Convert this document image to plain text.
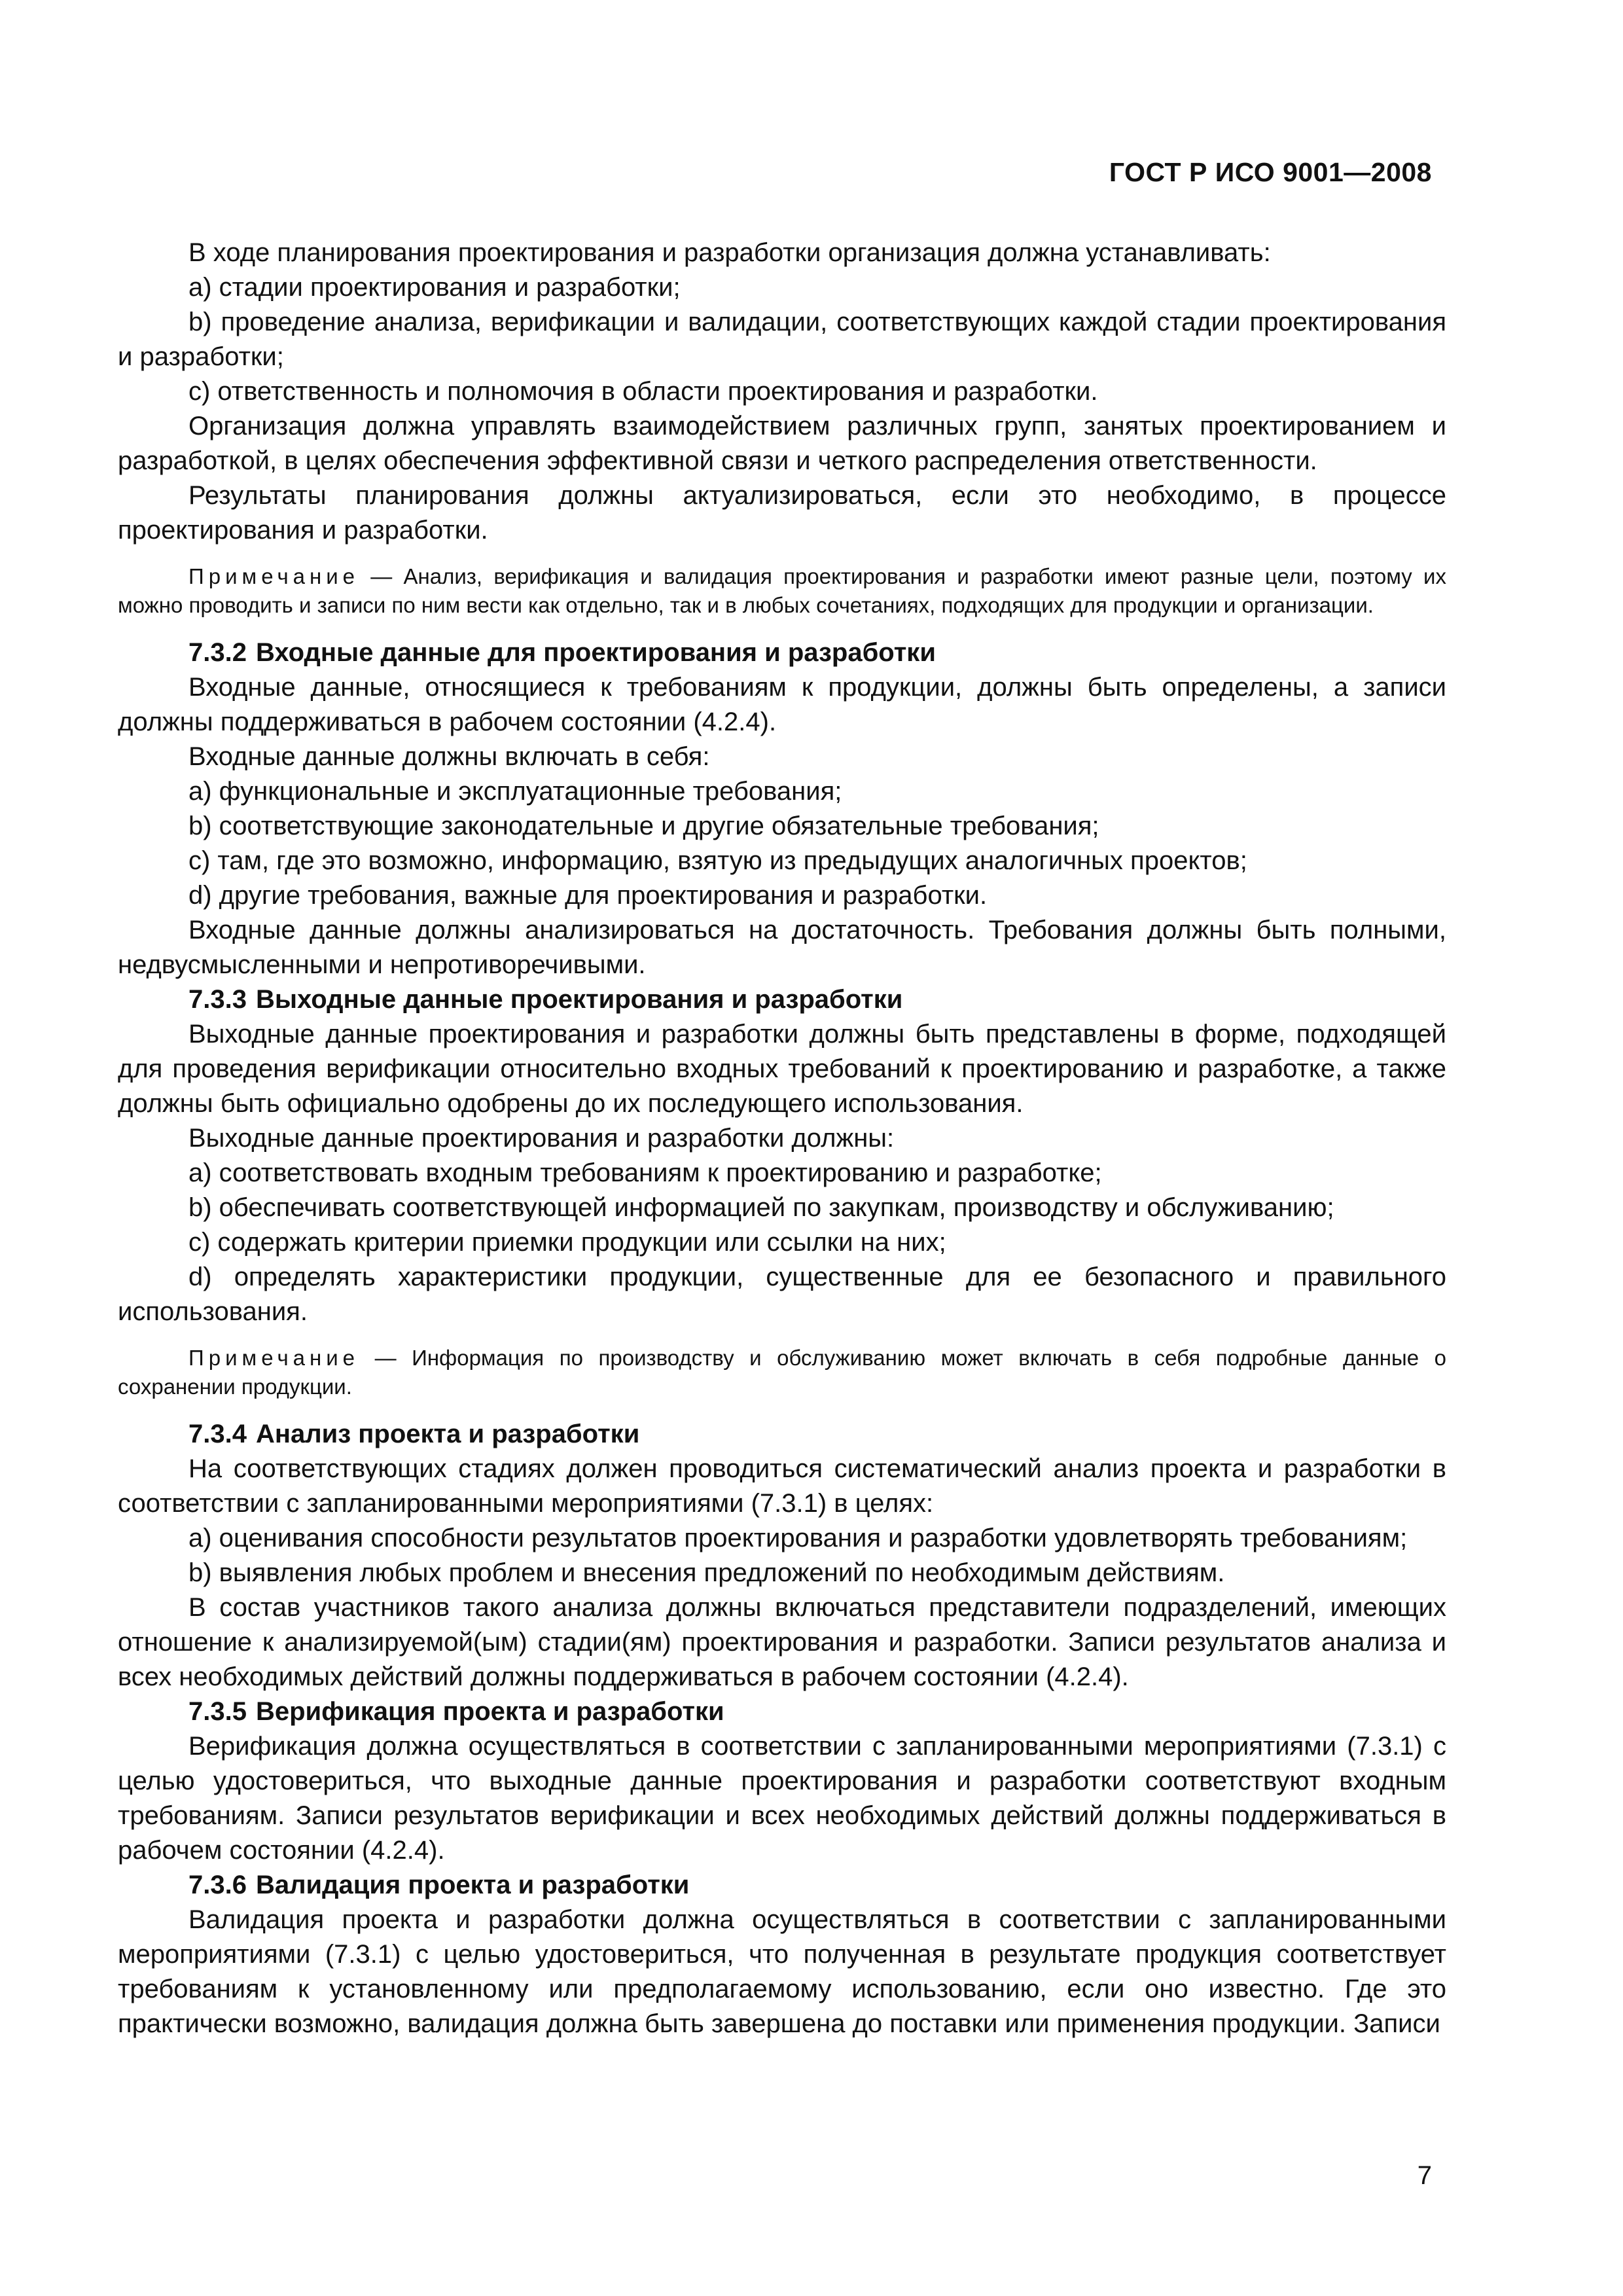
ГОСТ Р ИСО 9001—2008

В ходе планирования проектирования и разработки организация должна устанавливать:

а) стадии проектирования и разработки;

b) проведение анализа, верификации и валидации, соответствующих каждой стадии проектирования и разработки;

с) ответственность и полномочия в области проектирования и разработки.

Организация должна управлять взаимодействием различных групп, занятых проектированием и разработкой, в целях обеспечения эффективной связи и четкого распределения ответственности.

Результаты планирования должны актуализироваться, если это необходимо, в процессе проектирования и разработки.

Примечание — Анализ, верификация и валидация проектирования и разработки имеют разные цели, поэтому их можно проводить и записи по ним вести как отдельно, так и в любых сочетаниях, подходящих для продукции и организации.

7.3.2 Входные данные для проектирования и разработки

Входные данные, относящиеся к требованиям к продукции, должны быть определены, а записи должны поддерживаться в рабочем состоянии (4.2.4).

Входные данные должны включать в себя:

а) функциональные и эксплуатационные требования;

b) соответствующие законодательные и другие обязательные требования;

с) там, где это возможно, информацию, взятую из предыдущих аналогичных проектов;

d) другие требования, важные для проектирования и разработки.

Входные данные должны анализироваться на достаточность. Требования должны быть полными, недвусмысленными и непротиворечивыми.

7.3.3 Выходные данные проектирования и разработки

Выходные данные проектирования и разработки должны быть представлены в форме, подходящей для проведения верификации относительно входных требований к проектированию и разработке, а также должны быть официально одобрены до их последующего использования.

Выходные данные проектирования и разработки должны:

а) соответствовать входным требованиям к проектированию и разработке;

b) обеспечивать соответствующей информацией по закупкам, производству и обслуживанию;

с) содержать критерии приемки продукции или ссылки на них;

d) определять характеристики продукции, существенные для ее безопасного и правильного использования.

Примечание — Информация по производству и обслуживанию может включать в себя подробные данные о сохранении продукции.

7.3.4 Анализ проекта и разработки

На соответствующих стадиях должен проводиться систематический анализ проекта и разработки в соответствии с запланированными мероприятиями (7.3.1) в целях:

а) оценивания способности результатов проектирования и разработки удовлетворять требованиям;

b) выявления любых проблем и внесения предложений по необходимым действиям.

В состав участников такого анализа должны включаться представители подразделений, имеющих отношение к анализируемой(ым) стадии(ям) проектирования и разработки. Записи результатов анализа и всех необходимых действий должны поддерживаться в рабочем состоянии (4.2.4).

7.3.5 Верификация проекта и разработки

Верификация должна осуществляться в соответствии с запланированными мероприятиями (7.3.1) с целью удостовериться, что выходные данные проектирования и разработки соответствуют входным требованиям. Записи результатов верификации и всех необходимых действий должны поддерживаться в рабочем состоянии (4.2.4).

7.3.6 Валидация проекта и разработки

Валидация проекта и разработки должна осуществляться в соответствии с запланированными мероприятиями (7.3.1) с целью удостовериться, что полученная в результате продукция соответствует требованиям к установленному или предполагаемому использованию, если оно известно. Где это практически возможно, валидация должна быть завершена до поставки или применения продукции. Записи

7
